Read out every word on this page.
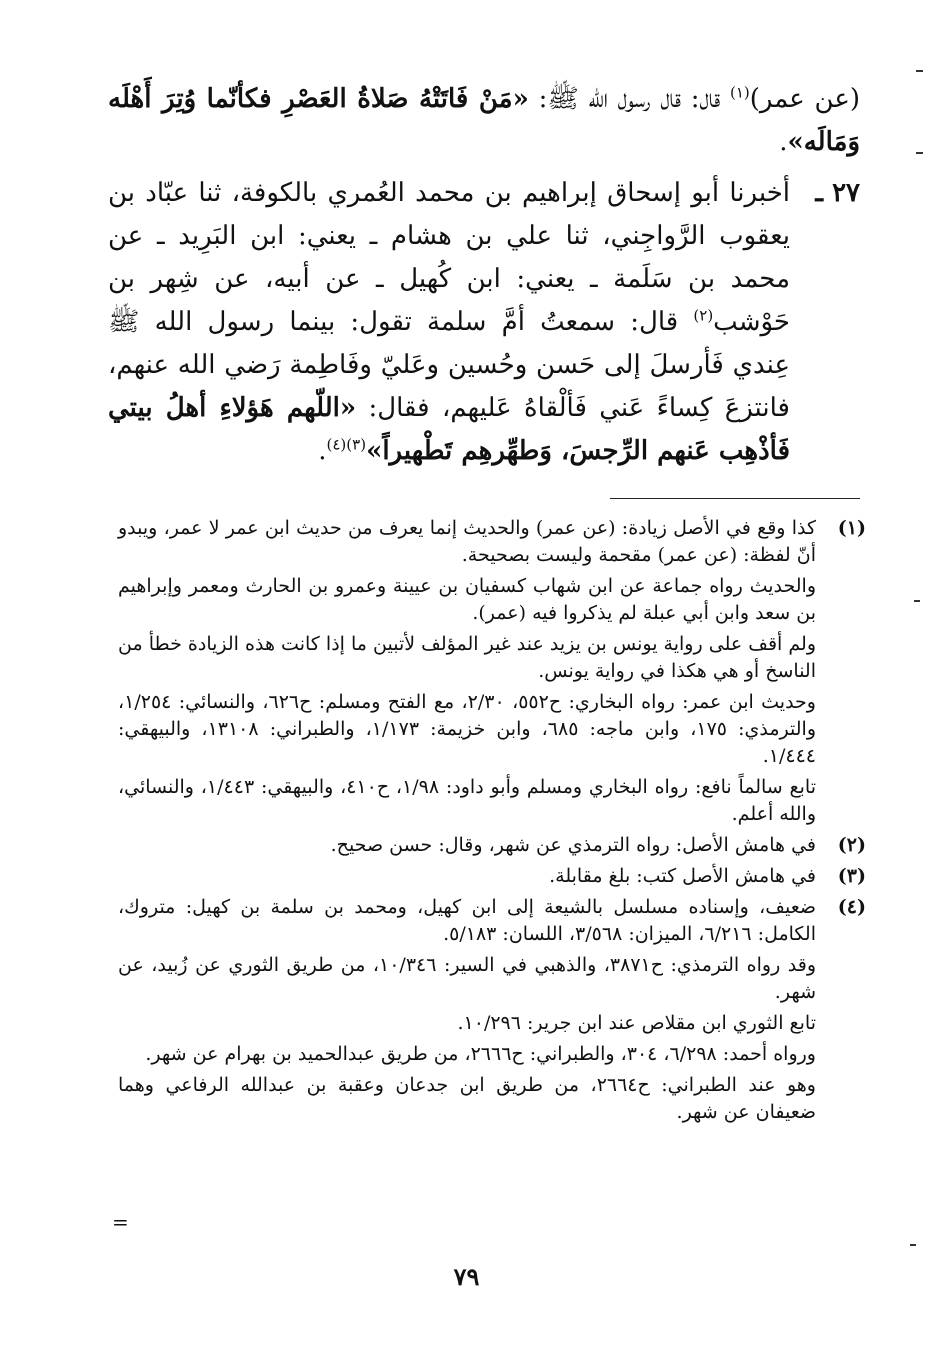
(عن عمر)$^{(١)}$ قال: قال رسول الله ﷺ: «مَنْ فَاتَتْهُ صَلاةُ العَصْرِ فكأنّما وُتِرَ أَهْلَه وَمَالَه».

٢٧ ـ
أخبرنا أبو إسحاق إبراهيم بن محمد العُمري بالكوفة، ثنا عبّاد بن يعقوب الرَّواجِني، ثنا علي بن هشام ـ يعني: ابن البَرِيد ـ عن محمد بن سَلَمة ـ يعني: ابن كُهيل ـ عن أبيه، عن شِهر بن حَوْشب$^{(٢)}$ قال: سمعتُ أمَّ سلمة تقول: بينما رسول الله ﷺ عِندي فَأرسلَ إلى حَسن وحُسين وعَليّ وفَاطِمة رَضي الله عنهم، فانتزعَ كِساءً عَني فَألْقاهُ عَليهم، فقال: «اللّهم هَؤلاءِ أهلُ بيتي فَأذْهِب عَنهم الرِّجسَ، وَطهِّرهِم تَطْهيراً»$^{(٣)(٤)}$.

(١)

كذا وقع في الأصل زيادة: (عن عمر) والحديث إنما يعرف من حديث ابن عمر لا عمر، ويبدو أنّ لفظة: (عن عمر) مقحمة وليست بصحيحة.

والحديث رواه جماعة عن ابن شهاب كسفيان بن عيينة وعمرو بن الحارث ومعمر وإبراهيم بن سعد وابن أبي عبلة لم يذكروا فيه (عمر).

ولم أقف على رواية يونس بن يزيد عند غير المؤلف لأتبين ما إذا كانت هذه الزيادة خطأ من الناسخ أو هي هكذا في رواية يونس.

وحديث ابن عمر: رواه البخاري: ح٥٥٢، ٢/٣٠، مع الفتح ومسلم: ح٦٢٦، والنسائي: ١/٢٥٤، والترمذي: ١٧٥، وابن ماجه: ٦٨٥، وابن خزيمة: ١/١٧٣، والطبراني: ١٣١٠٨، والبيهقي: ١/٤٤٤.

تابع سالماً نافع: رواه البخاري ومسلم وأبو داود: ١/٩٨، ح٤١٠، والبيهقي: ١/٤٤٣، والنسائي، والله أعلم.

(٢)

في هامش الأصل: رواه الترمذي عن شهر، وقال: حسن صحيح.

(٣)

في هامش الأصل كتب: بلغ مقابلة.

(٤)

ضعيف، وإسناده مسلسل بالشيعة إلى ابن كهيل، ومحمد بن سلمة بن كهيل: متروك، الكامل: ٦/٢١٦، الميزان: ٣/٥٦٨، اللسان: ٥/١٨٣.

وقد رواه الترمذي: ح٣٨٧١، والذهبي في السير: ١٠/٣٤٦، من طريق الثوري عن زُبيد، عن شهر.

تابع الثوري ابن مقلاص عند ابن جرير: ١٠/٢٩٦.

ورواه أحمد: ٦/٢٩٨، ٣٠٤، والطبراني: ح٢٦٦٦، من طريق عبدالحميد بن بهرام عن شهر.

وهو عند الطبراني: ح٢٦٦٤، من طريق ابن جدعان وعقبة بن عبدالله الرفاعي وهما ضعيفان عن شهر.

=
٧٩
